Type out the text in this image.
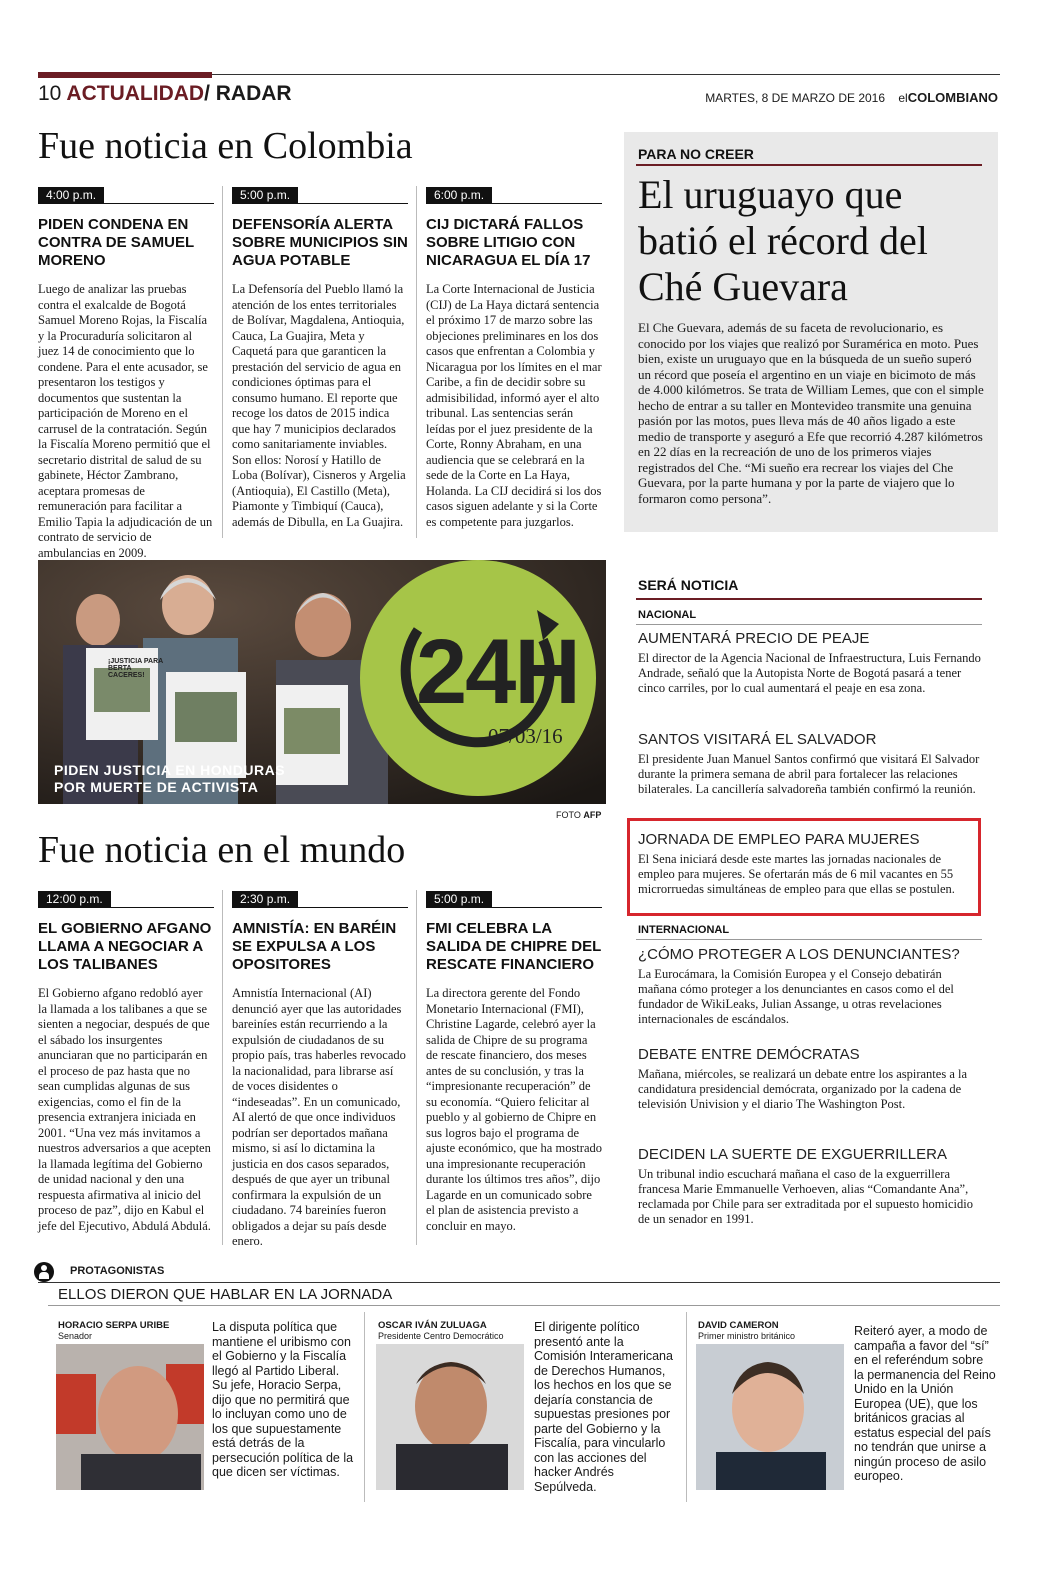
10 ACTUALIDAD/ RADAR	MARTES, 8 DE MARZO DE 2016 elCOLOMBIANO
Fue noticia en Colombia
4:00 p.m.
PIDEN CONDENA EN CONTRA DE SAMUEL MORENO
Luego de analizar las pruebas contra el exalcalde de Bogotá Samuel Moreno Rojas, la Fiscalía y la Procuraduría solicitaron al juez 14 de conocimiento que lo condene. Para el ente acusador, se presentaron los testigos y documentos que sustentan la participación de Moreno en el carrusel de la contratación. Según la Fiscalía Moreno permitió que el secretario distrital de salud de su gabinete, Héctor Zambrano, aceptara promesas de remuneración para facilitar a Emilio Tapia la adjudicación de un contrato de servicio de ambulancias en 2009.
5:00 p.m.
DEFENSORÍA ALERTA SOBRE MUNICIPIOS SIN AGUA POTABLE
La Defensoría del Pueblo llamó la atención de los entes territoriales de Bolívar, Magdalena, Antioquia, Cauca, La Guajira, Meta y Caquetá para que garanticen la prestación del servicio de agua en condiciones óptimas para el consumo humano. El reporte que recoge los datos de 2015 indica que hay 7 municipios declarados como sanitariamente inviables. Son ellos: Norosí y Hatillo de Loba (Bolívar), Cisneros y Argelia (Antioquia), El Castillo (Meta), Piamonte y Timbiquí (Cauca), además de Dibulla, en La Guajira.
6:00 p.m.
CIJ DICTARÁ FALLOS SOBRE LITIGIO CON NICARAGUA EL DÍA 17
La Corte Internacional de Justicia (CIJ) de La Haya dictará sentencia el próximo 17 de marzo sobre las objeciones preliminares en los dos casos que enfrentan a Colombia y Nicaragua por los límites en el mar Caribe, a fin de decidir sobre su admisibilidad, informó ayer el alto tribunal. Las sentencias serán leídas por el juez presidente de la Corte, Ronny Abraham, en una audiencia que se celebrará en la sede de la Corte en La Haya, Holanda. La CIJ decidirá si los dos casos siguen adelante y si la Corte es competente para juzgarlos.
PARA NO CREER
El uruguayo que batió el récord del Ché Guevara
El Che Guevara, además de su faceta de revolucionario, es conocido por los viajes que realizó por Suramérica en moto. Pues bien, existe un uruguayo que en la búsqueda de un sueño superó un récord que poseía el argentino en un viaje en bicimoto de más de 4.000 kilómetros. Se trata de William Lemes, que con el simple hecho de entrar a su taller en Montevideo transmite una genuina pasión por las motos, pues lleva más de 40 años ligado a este medio de transporte y aseguró a Efe que recorrió 4.287 kilómetros en 22 días en la recreación de uno de los primeros viajes registrados del Che. “Mi sueño era recrear los viajes del Che Guevara, por la parte humana y por la parte de viajero que lo formaron como persona”.
¡JUSTICIA PARA BERTA CACERES!	24H
07/03/16
PIDEN JUSTICIA EN HONDURAS
POR MUERTE DE ACTIVISTA
FOTO AFP
SERÁ NOTICIA
NACIONAL
AUMENTARÁ PRECIO DE PEAJE
El director de la Agencia Nacional de Infraestructura, Luis Fernando Andrade, señaló que la Autopista Norte de Bogotá pasará a tener cinco carriles, por lo cual aumentará el peaje en esa zona.
SANTOS VISITARÁ EL SALVADOR
El presidente Juan Manuel Santos confirmó que visitará El Salvador durante la primera semana de abril para fortalecer las relaciones bilaterales. La cancillería salvadoreña también confirmó la reunión.
JORNADA DE EMPLEO PARA MUJERES
El Sena iniciará desde este martes las jornadas nacionales de empleo para mujeres. Se ofertarán más de 6 mil vacantes en 55 microrruedas simultáneas de empleo para que ellas se postulen.
INTERNACIONAL
¿CÓMO PROTEGER A LOS DENUNCIANTES?
La Eurocámara, la Comisión Europea y el Consejo debatirán mañana cómo proteger a los denunciantes en casos como el del fundador de WikiLeaks, Julian Assange, u otras revelaciones internacionales de escándalos.
DEBATE ENTRE DEMÓCRATAS
Mañana, miércoles, se realizará un debate entre los aspirantes a la candidatura presidencial demócrata, organizado por la cadena de televisión Univision y el diario The Washington Post.
DECIDEN LA SUERTE DE EXGUERRILLERA
Un tribunal indio escuchará mañana el caso de la exguerrillera francesa Marie Emmanuelle Verhoeven, alias “Comandante Ana”, reclamada por Chile para ser extraditada por el supuesto homicidio de un senador en 1991.
Fue noticia en el mundo
12:00 p.m.
EL GOBIERNO AFGANO LLAMA A NEGOCIAR A LOS TALIBANES
El Gobierno afgano redobló ayer la llamada a los talibanes a que se sienten a negociar, después de que el sábado los insurgentes anunciaran que no participarán en el proceso de paz hasta que no sean cumplidas algunas de sus exigencias, como el fin de la presencia extranjera iniciada en 2001. “Una vez más invitamos a nuestros adversarios a que acepten la llamada legítima del Gobierno de unidad nacional y den una respuesta afirmativa al inicio del proceso de paz”, dijo en Kabul el jefe del Ejecutivo, Abdulá Abdulá.
2:30 p.m.
AMNISTÍA: EN BARÉIN SE EXPULSA A LOS OPOSITORES
Amnistía Internacional (AI) denunció ayer que las autoridades bareiníes están recurriendo a la expulsión de ciudadanos de su propio país, tras haberles revocado la nacionalidad, para librarse así de voces disidentes o “indeseadas”. En un comunicado, AI alertó de que once individuos podrían ser deportados mañana mismo, si así lo dictamina la justicia en dos casos separados, después de que ayer un tribunal confirmara la expulsión de un ciudadano. 74 bareiníes fueron obligados a dejar su país desde enero.
5:00 p.m.
FMI CELEBRA LA SALIDA DE CHIPRE DEL RESCATE FINANCIERO
La directora gerente del Fondo Monetario Internacional (FMI), Christine Lagarde, celebró ayer la salida de Chipre de su programa de rescate financiero, dos meses antes de su conclusión, y tras la “impresionante recuperación” de su economía. “Quiero felicitar al pueblo y al gobierno de Chipre en sus logros bajo el programa de ajuste económico, que ha mostrado una impresionante recuperación durante los últimos tres años”, dijo Lagarde en un comunicado sobre el plan de asistencia previsto a concluir en mayo.
PROTAGONISTAS
ELLOS DIERON QUE HABLAR EN LA JORNADA
HORACIO SERPA URIBE
Senador
La disputa política que mantiene el uribismo con el Gobierno y la Fiscalía llegó al Partido Liberal. Su jefe, Horacio Serpa, dijo que no permitirá que lo incluyan como uno de los que supuestamente está detrás de la persecución política de la que dicen ser víctimas.
OSCAR IVÁN ZULUAGA
Presidente Centro Democrático
El dirigente político presentó ante la Comisión Interamericana de Derechos Humanos, los hechos en los que se dejaría constancia de supuestas presiones por parte del Gobierno y la Fiscalía, para vincularlo con las acciones del hacker Andrés Sepúlveda.
DAVID CAMERON
Primer ministro británico	Reiteró ayer, a modo de campaña a favor del “sí” en el referéndum sobre la permanencia del Reino Unido en la Unión Europea (UE), que los británicos gracias al estatus especial del país no tendrán que unirse a ningún proceso de asilo europeo.
